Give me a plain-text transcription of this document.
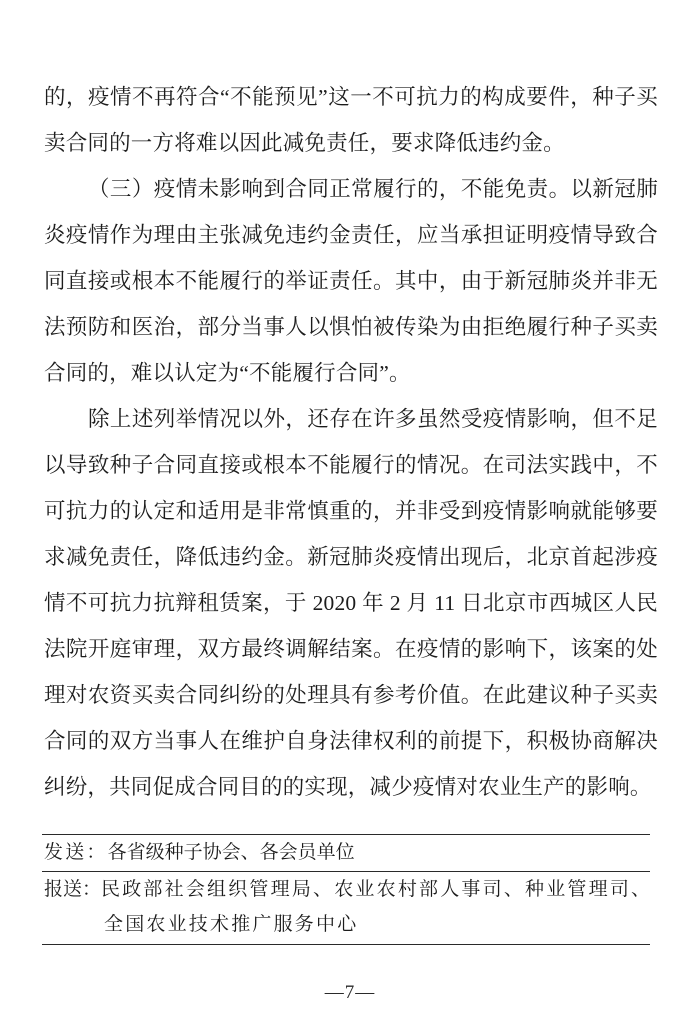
的，疫情不再符合“不能预见”这一不可抗力的构成要件，种子买卖合同的一方将难以因此减免责任，要求降低违约金。

（三）疫情未影响到合同正常履行的，不能免责。以新冠肺炎疫情作为理由主张减免违约金责任，应当承担证明疫情导致合同直接或根本不能履行的举证责任。其中，由于新冠肺炎并非无法预防和医治，部分当事人以惧怕被传染为由拒绝履行种子买卖合同的，难以认定为“不能履行合同”。

除上述列举情况以外，还存在许多虽然受疫情影响，但不足以导致种子合同直接或根本不能履行的情况。在司法实践中，不可抗力的认定和适用是非常慎重的，并非受到疫情影响就能够要求减免责任，降低违约金。新冠肺炎疫情出现后，北京首起涉疫情不可抗力抗辩租赁案，于 2020 年 2 月 11 日北京市西城区人民法院开庭审理，双方最终调解结案。在疫情的影响下，该案的处理对农资买卖合同纠纷的处理具有参考价值。在此建议种子买卖合同的双方当事人在维护自身法律权利的前提下，积极协商解决纠纷，共同促成合同目的的实现，减少疫情对农业生产的影响。

发送： 各省级种子协会、各会员单位
报送： 民政部社会组织管理局、农业农村部人事司、种业管理司、
全国农业技术推广服务中心
—7—
